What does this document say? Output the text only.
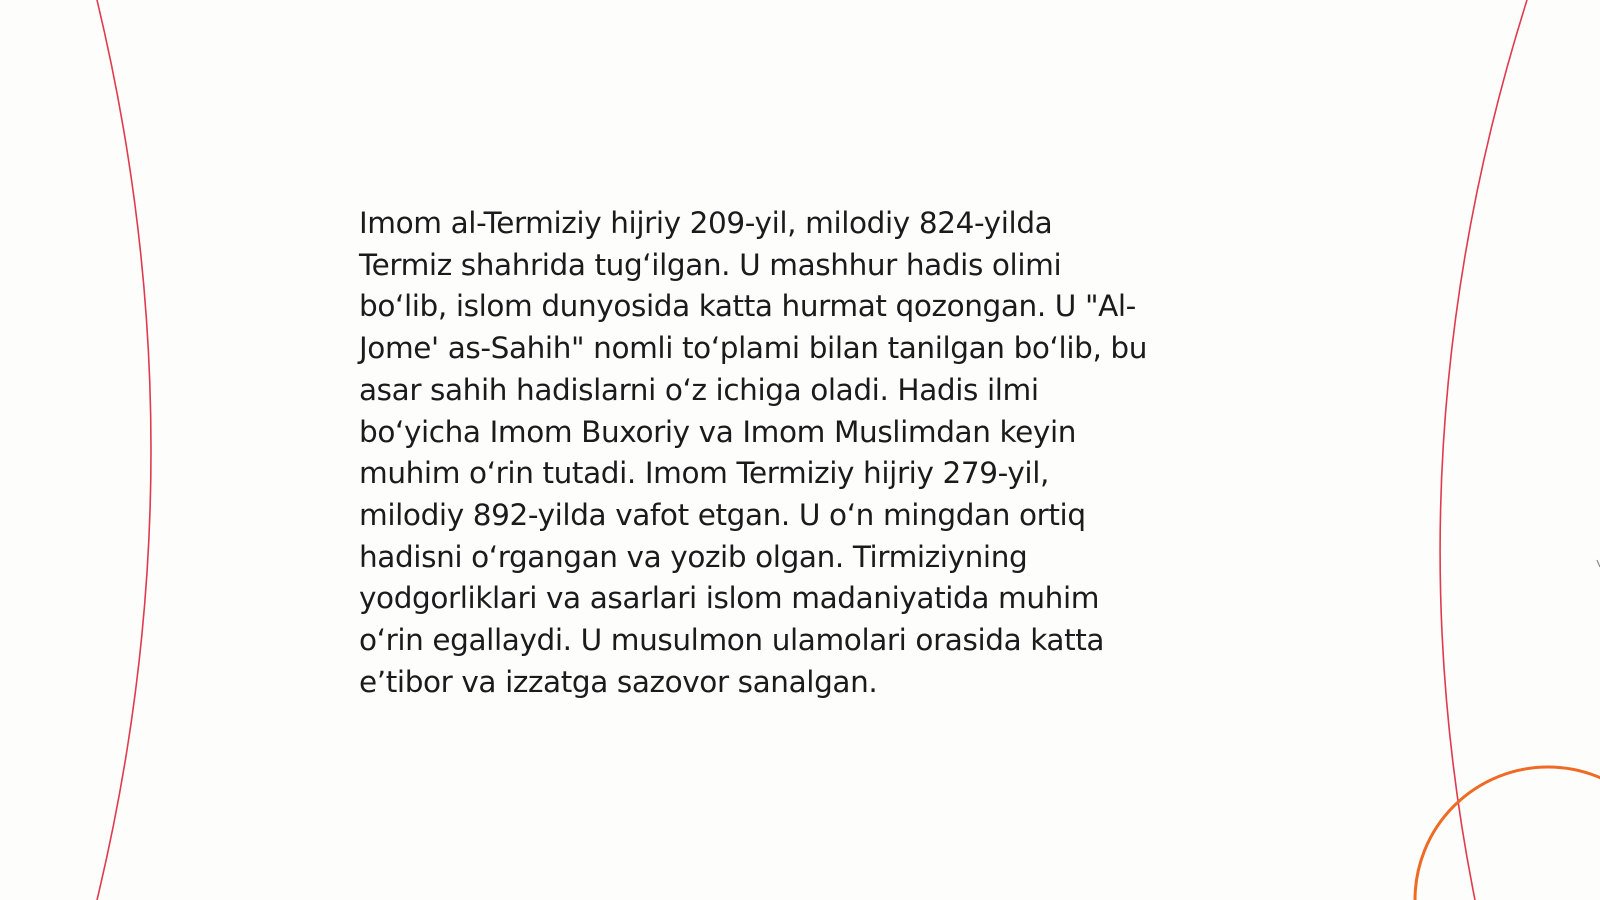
Imom al-Termiziy hijriy 209-yil, milodiy 824-yilda
Termiz shahrida tugʻilgan. U mashhur hadis olimi
boʻlib, islom dunyosida katta hurmat qozongan. U "Al-
Jome' as-Sahih" nomli toʻplami bilan tanilgan boʻlib, bu
asar sahih hadislarni oʻz ichiga oladi. Hadis ilmi
boʻyicha Imom Buxoriy va Imom Muslimdan keyin
muhim oʻrin tutadi. Imom Termiziy hijriy 279-yil,
milodiy 892-yilda vafot etgan. U oʻn mingdan ortiq
hadisni oʻrgangan va yozib olgan. Tirmiziyning
yodgorliklari va asarlari islom madaniyatida muhim
oʻrin egallaydi. U musulmon ulamolari orasida katta
eʼtibor va izzatga sazovor sanalgan.
